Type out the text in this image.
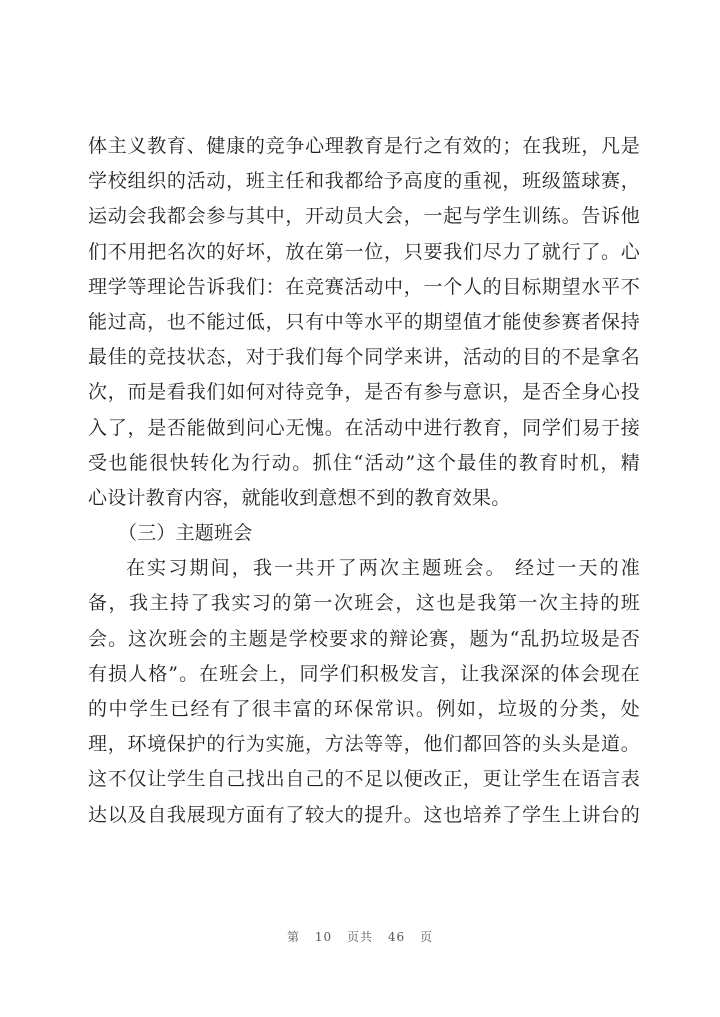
体主义教育、健康的竞争心理教育是行之有效的；在我班，凡是
学校组织的活动，班主任和我都给予高度的重视，班级篮球赛，
运动会我都会参与其中，开动员大会，一起与学生训练。告诉他
们不用把名次的好坏，放在第一位，只要我们尽力了就行了。心
理学等理论告诉我们：在竞赛活动中，一个人的目标期望水平不
能过高，也不能过低，只有中等水平的期望值才能使参赛者保持
最佳的竞技状态，对于我们每个同学来讲，活动的目的不是拿名
次，而是看我们如何对待竞争，是否有参与意识，是否全身心投
入了，是否能做到问心无愧。在活动中进行教育，同学们易于接
受也能很快转化为行动。抓住“活动”这个最佳的教育时机，精
心设计教育内容，就能收到意想不到的教育效果。
（三）主题班会
在实习期间，我一共开了两次主题班会。 经过一天的准
备，我主持了我实习的第一次班会，这也是我第一次主持的班
会。这次班会的主题是学校要求的辩论赛，题为“乱扔垃圾是否
有损人格”。在班会上，同学们积极发言，让我深深的体会现在
的中学生已经有了很丰富的环保常识。例如，垃圾的分类，处
理，环境保护的行为实施，方法等等，他们都回答的头头是道。
这不仅让学生自己找出自己的不足以便改正，更让学生在语言表
达以及自我展现方面有了较大的提升。这也培养了学生上讲台的
第 10 页共 46 页
